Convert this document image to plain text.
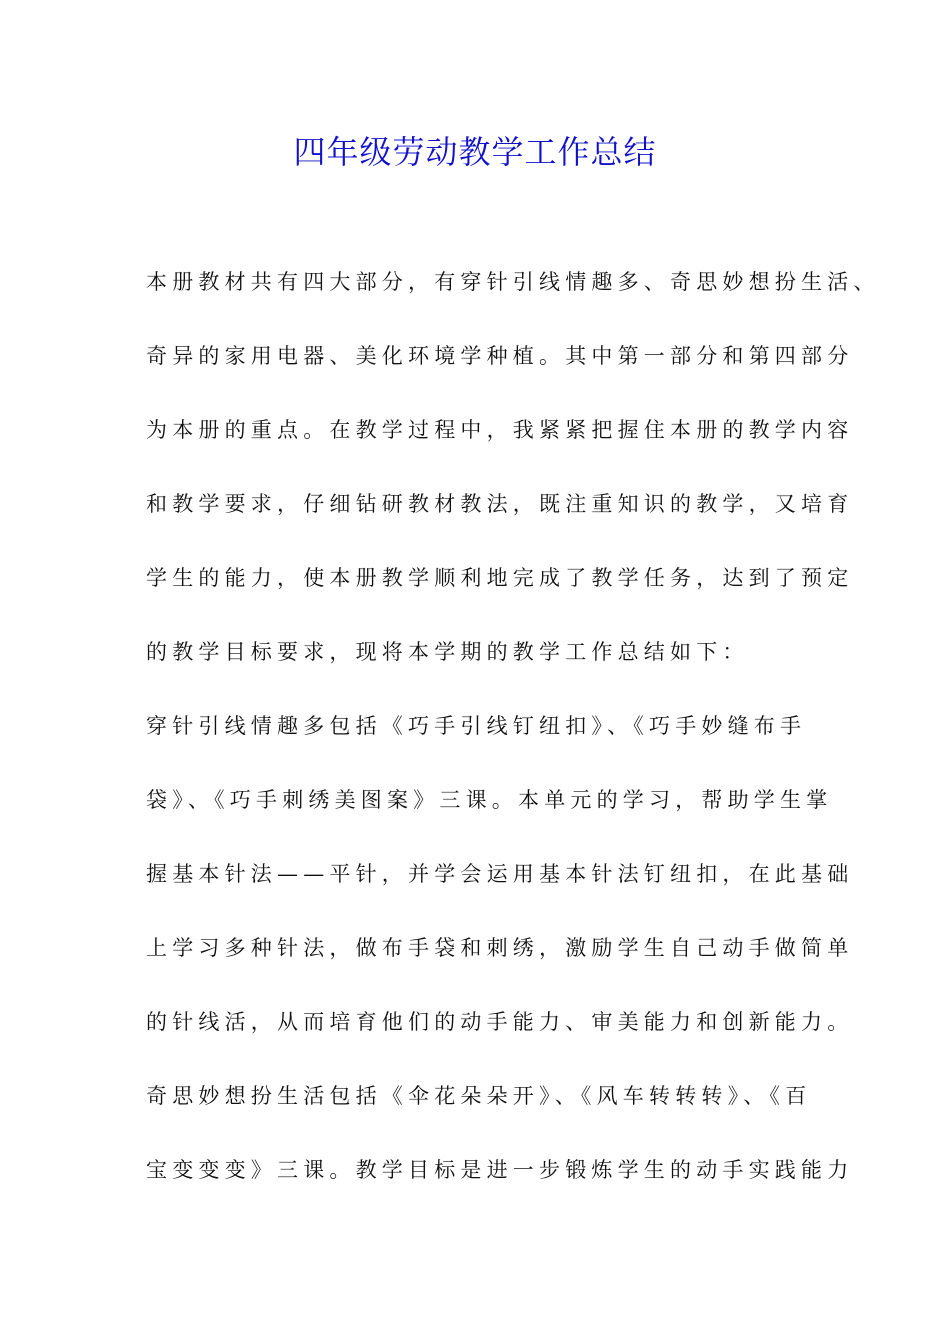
四年级劳动教学工作总结
本册教材共有四大部分，有穿针引线情趣多、奇思妙想扮生活、
奇异的家用电器、美化环境学种植。其中第一部分和第四部分
为本册的重点。在教学过程中，我紧紧把握住本册的教学内容
和教学要求，仔细钻研教材教法，既注重知识的教学，又培育
学生的能力，使本册教学顺利地完成了教学任务，达到了预定
的教学目标要求，现将本学期的教学工作总结如下：
穿针引线情趣多包括《巧手引线钉纽扣》、《巧手妙缝布手
袋》、《巧手刺绣美图案》三课。本单元的学习，帮助学生掌
握基本针法——平针，并学会运用基本针法钉纽扣，在此基础
上学习多种针法，做布手袋和刺绣，激励学生自己动手做简单
的针线活，从而培育他们的动手能力、审美能力和创新能力。
奇思妙想扮生活包括《伞花朵朵开》、《风车转转转》、《百
宝变变变》三课。教学目标是进一步锻炼学生的动手实践能力
